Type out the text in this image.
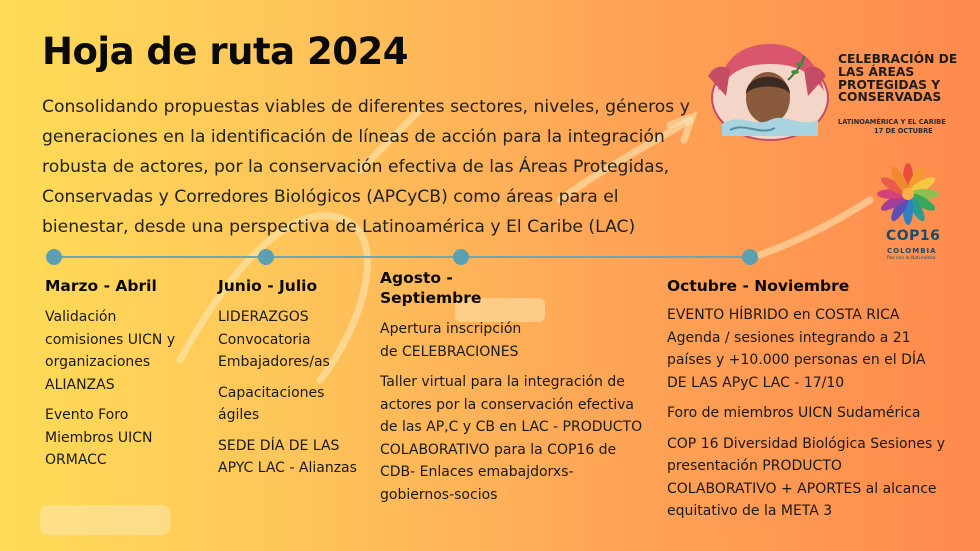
Hoja de ruta 2024

Consolidando propuestas viables de diferentes sectores, niveles, géneros y generaciones en la identificación de líneas de acción para la integración robusta de actores, por la conservación efectiva de las Áreas Protegidas, Conservadas y Corredores Biológicos (APCyCB) como áreas para el bienestar, desde una perspectiva de Latinoamérica y El Caribe (LAC)

Marzo - Abril

Validación comisiones UICN y organizaciones ALIANZAS

Evento Foro Miembros UICN ORMACC

Junio - Julio

LIDERAZGOS Convocatoria Embajadores/as

Capacitaciones ágiles

SEDE DÍA DE LAS APYC LAC - Alianzas

Agosto - Septiembre

Apertura inscripción de CELEBRACIONES

Taller virtual para la integración de actores por la conservación efectiva de las AP,C y CB en LAC - PRODUCTO COLABORATIVO para la COP16 de CDB- Enlaces emabajdorxs-gobiernos-socios

Octubre - Noviembre

EVENTO HÍBRIDO en COSTA RICA Agenda / sesiones integrando a 21 países y +10.000 personas en el DÍA DE LAS APyC LAC - 17/10

Foro de miembros UICN Sudamérica

COP 16 Diversidad Biológica Sesiones y presentación PRODUCTO COLABORATIVO + APORTES al alcance equitativo de la META 3

CELEBRACIÓN DE LAS ÁREAS PROTEGIDAS Y CONSERVADAS
LATINOAMÉRICA Y EL CARIBE
17 DE OCTUBRE
COP16
COLOMBIA
Paz con la Naturaleza
